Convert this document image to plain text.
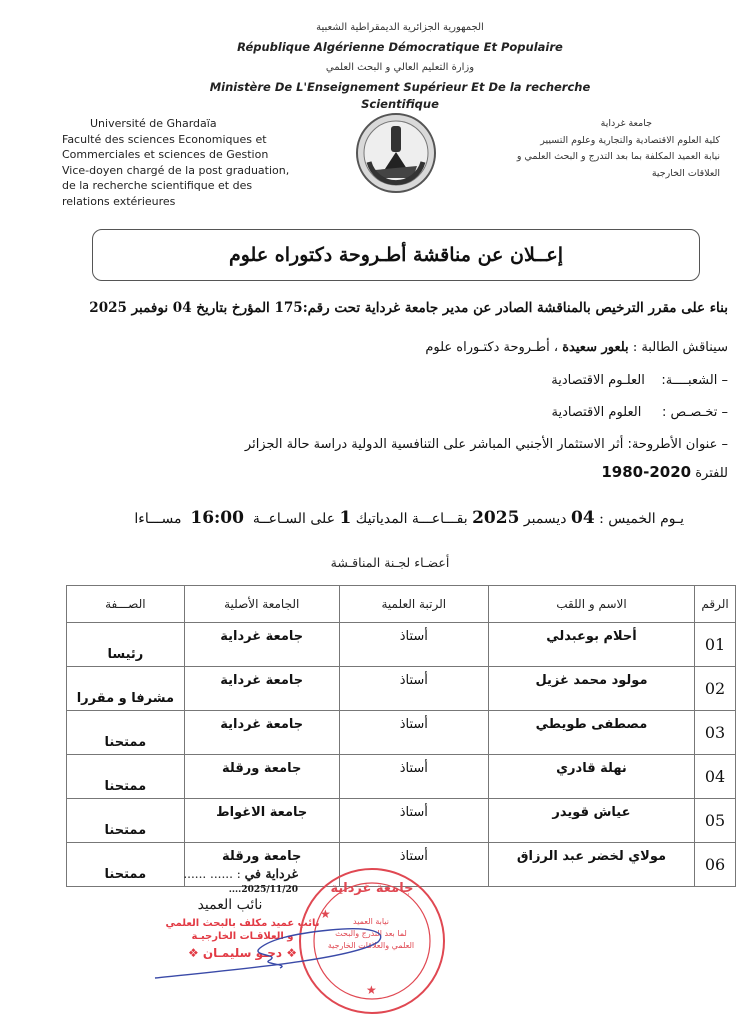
الجمهورية الجزائرية الديمقراطية الشعبية
République Algérienne Démocratique Et Populaire
وزارة التعليم العالي و البحث العلمي
Ministère De L'Enseignement Supérieur Et De la recherche
Scientifique
Université de Ghardaïa
Faculté des sciences Economiques et
Commerciales et sciences de Gestion
Vice-doyen chargé de la post graduation,
de la recherche scientifique et des
relations extérieures
جامعة غرداية
كلية العلوم الاقتصادية والتجارية وعلوم التسيير
نيابة العميد المكلفة بما بعد التدرج و البحث العلمي و
العلاقات الخارجية
إعــلان عن مناقشة أطـروحة دكتوراه علوم
بناء على مقرر الترخيص بالمناقشة الصادر عن مدير جامعة غرداية تحت رقم:175 المؤرخ بتاريخ 04 نوفمبر 2025
سيناقش الطالبة : بلعور سعيدة ، أطـروحة دكتـوراه علوم
– الشعبــــة:    العلـوم الاقتصادية
– تخـصـص :     العلوم الاقتصادية
– عنوان الأطروحة: أثر الاستثمار الأجنبي المباشر على التنافسية الدولية دراسة حالة الجزائر
للفترة 2020-1980
يـوم الخميس : 04 ديسمبر 2025 بقـــاعـــة المدياتيك 1 على السـاعــة  16:00  مســـاءا
أعضـاء لجـنة المناقـشة
الرقم	الاسم و اللقب	الرتبة العلمية	الجامعة الأصلية	الصـــفة
01	أحلام بوعبدلي	أستاذ	جامعة غرداية	رئيسا
02	مولود محمد غزيل	أستاذ	جامعة غرداية	مشرفا و مقررا
03	مصطفى طويطي	أستاذ	جامعة غرداية	ممتحنا
04	نهلة قادري	أستاذ	جامعة ورقلة	ممتحنا
05	عياش قويدر	أستاذ	جامعة الاغواط	ممتحنا
06	مولاي لخضر عبد الرزاق	أستاذ	جامعة ورقلة	ممتحنا	غرداية في : ...... ...... 2025/11/20....
نائب العميد
نائب عميد مكلف بالبحث العلمي
و العلاقـات الخارجيـة
❖ دحـو سليمـان ❖
جامعة غرداية
★
★
نيابة العميد
لما بعد التدرج والبحث
العلمي والعلاقات الخارجية
